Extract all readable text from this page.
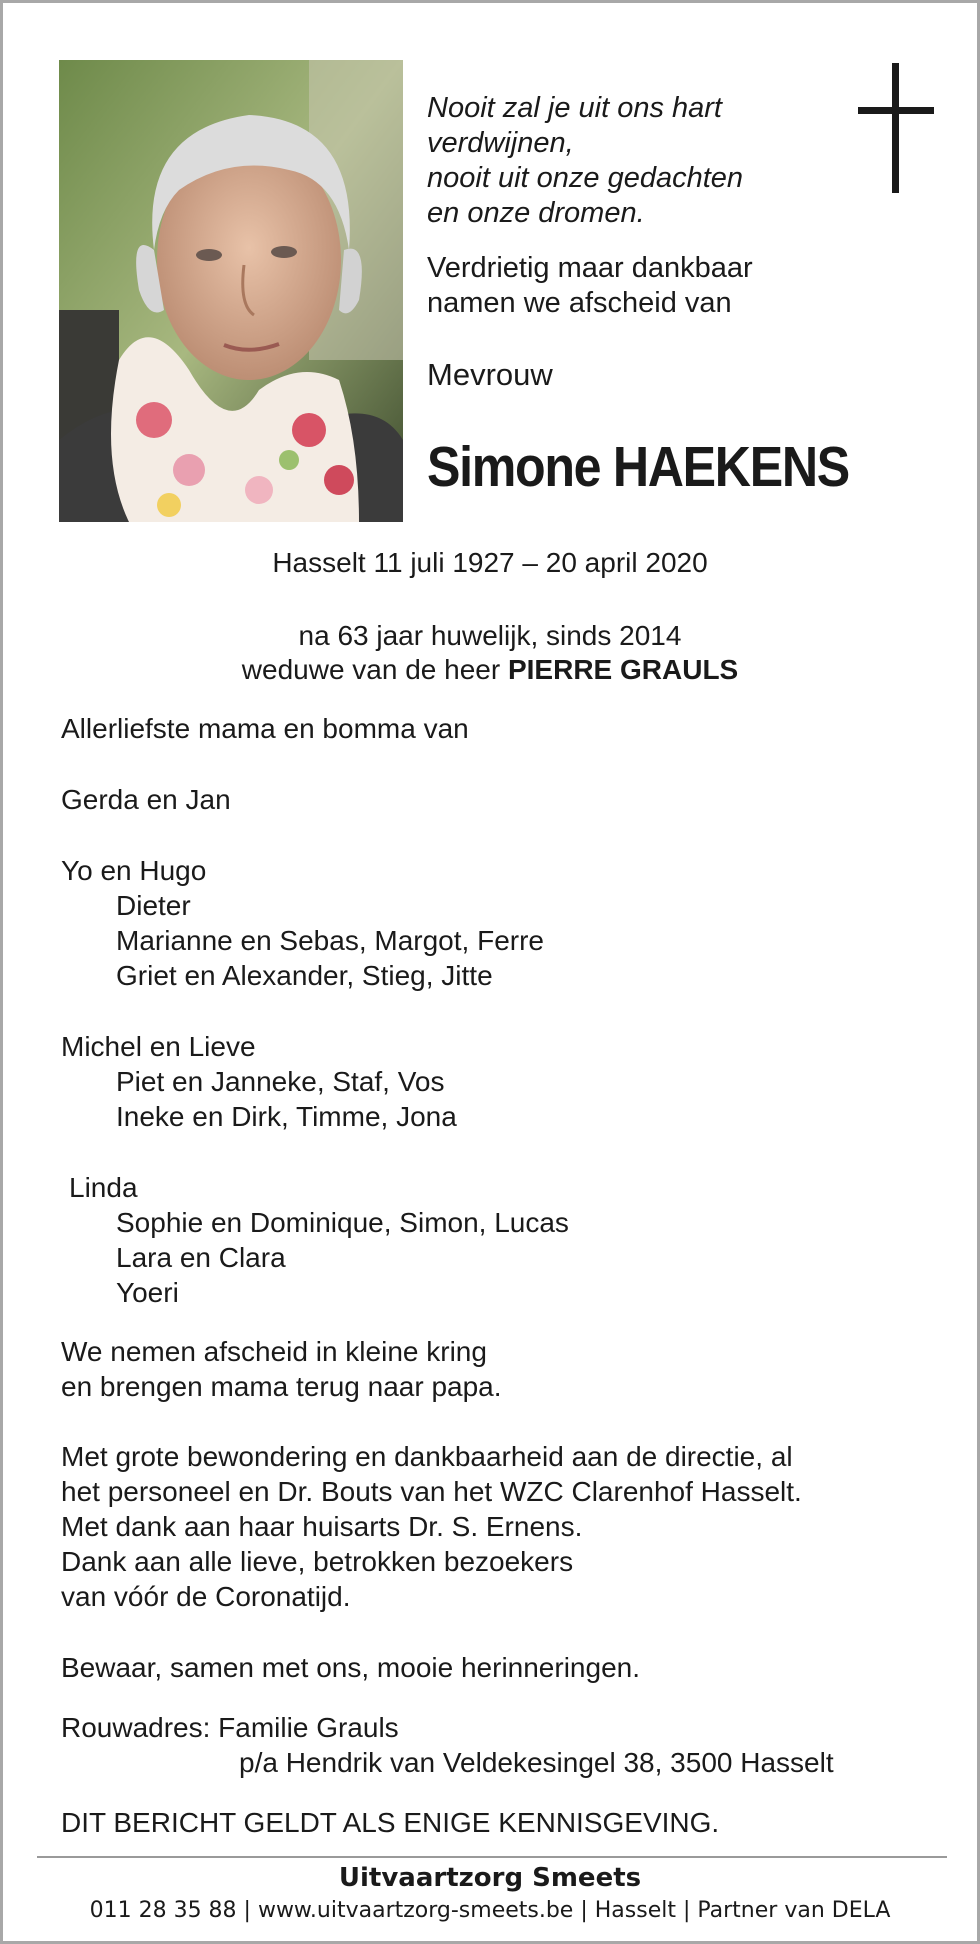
Nooit zal je uit ons hart
verdwijnen,
nooit uit onze gedachten
en onze dromen.
Verdrietig maar dankbaar
namen we afscheid van
Mevrouw
Simone HAEKENS
Hasselt 11 juli 1927 – 20 april 2020
na 63 jaar huwelijk, sinds 2014
weduwe van de heer PIERRE GRAULS
Allerliefste mama en bomma van
Gerda en Jan
Yo en Hugo
Dieter
Marianne en Sebas, Margot, Ferre
Griet en Alexander, Stieg, Jitte
Michel en Lieve
Piet en Janneke, Staf, Vos
Ineke en Dirk, Timme, Jona
Linda
Sophie en Dominique, Simon, Lucas
Lara en Clara
Yoeri
We nemen afscheid in kleine kring
en brengen mama terug naar papa.
Met grote bewondering en dankbaarheid aan de directie, al
het personeel en Dr. Bouts van het WZC Clarenhof Hasselt.
Met dank aan haar huisarts Dr. S. Ernens.
Dank aan alle lieve, betrokken bezoekers
van vóór de Coronatijd.
Bewaar, samen met ons, mooie herinneringen.
Rouwadres: Familie Grauls
p/a Hendrik van Veldekesingel 38, 3500 Hasselt
DIT BERICHT GELDT ALS ENIGE KENNISGEVING.
Uitvaartzorg Smeets
011 28 35 88 | www.uitvaartzorg-smeets.be | Hasselt | Partner van DELA
